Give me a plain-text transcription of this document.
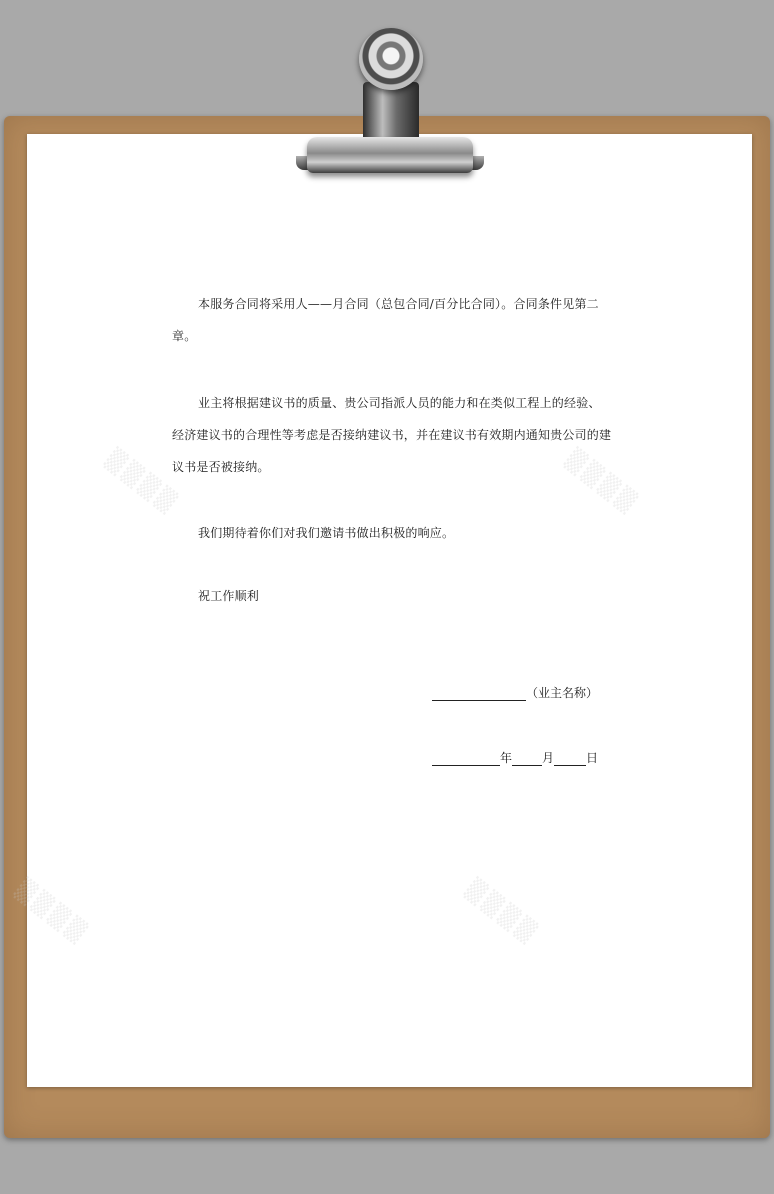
▒▒▒▒	▒▒▒▒
▒▒▒▒	▒▒▒▒
本服务合同将采用人——月合同（总包合同/百分比合同）。合同条件见第二章。
业主将根据建议书的质量、贵公司指派人员的能力和在类似工程上的经验、经济建议书的合理性等考虑是否接纳建议书，并在建议书有效期内通知贵公司的建议书是否被接纳。
我们期待着你们对我们邀请书做出积极的响应。
祝工作顺利
（业主名称）
年	月	日
